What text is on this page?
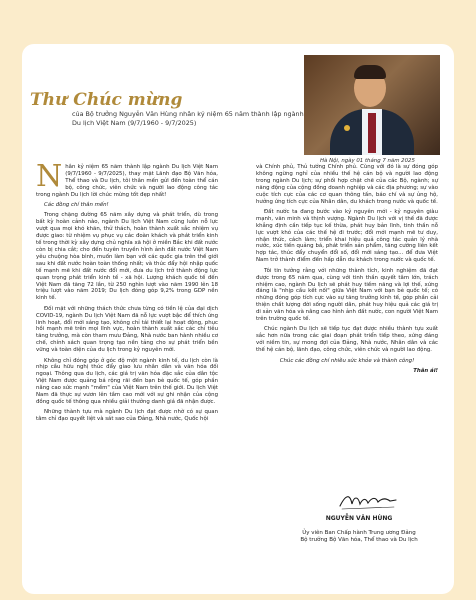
Thư Chúc mừng
của Bộ trưởng Nguyễn Văn Hùng nhân kỷ niệm 65 năm thành lập ngành Du lịch Việt Nam (9/7/1960 - 9/7/2025)
Hà Nội, ngày 01 tháng 7 năm 2025

Nhân kỷ niệm 65 năm thành lập ngành Du lịch Việt Nam (9/7/1960 - 9/7/2025), thay mặt Lãnh đạo Bộ Văn hóa, Thể thao và Du lịch, tôi thân mến gửi đến toàn thể cán bộ, công chức, viên chức và người lao động công tác trong ngành Du lịch lời chúc mừng tốt đẹp nhất!

Các đồng chí thân mến!

Trong chặng đường 65 năm xây dựng và phát triển, dù trong bất kỳ hoàn cảnh nào, ngành Du lịch Việt Nam cũng luôn nỗ lực vượt qua mọi khó khăn, thử thách, hoàn thành xuất sắc nhiệm vụ được giao: từ nhiệm vụ phục vụ các đoàn khách và phát triển kinh tế trong thời kỳ xây dựng chủ nghĩa xã hội ở miền Bắc khi đất nước còn bị chia cắt; cho đến tuyên truyền hình ảnh đất nước Việt Nam yêu chuộng hòa bình, muốn làm bạn với các quốc gia trên thế giới sau khi đất nước hoàn toàn thống nhất; và thúc đẩy hội nhập quốc tế mạnh mẽ khi đất nước đổi mới, đưa du lịch trở thành động lực quan trọng phát triển kinh tế - xã hội. Lượng khách quốc tế đến Việt Nam đã tăng 72 lần, từ 250 nghìn lượt vào năm 1990 lên 18 triệu lượt vào năm 2019; Du lịch đóng góp 9,2% trong GDP nền kinh tế.

Đối mặt với những thách thức chưa từng có tiền lệ của đại dịch COVID-19, ngành Du lịch Việt Nam đã nỗ lực vượt bậc để thích ứng linh hoạt, đổi mới sáng tạo, không chỉ tái thiết lại hoạt động, phục hồi mạnh mẽ trên mọi lĩnh vực, hoàn thành xuất sắc các chỉ tiêu tăng trưởng, mà còn tham mưu Đảng, Nhà nước ban hành nhiều cơ chế, chính sách quan trọng tạo nền tảng cho sự phát triển bền vững và toàn diện của du lịch trong kỷ nguyên mới.

Không chỉ đóng góp ở góc độ một ngành kinh tế, du lịch còn là nhịp cầu hữu nghị thúc đẩy giao lưu nhân dân và văn hóa đối ngoại. Thông qua du lịch, các giá trị văn hóa đặc sắc của dân tộc Việt Nam được quảng bá rộng rãi đến bạn bè quốc tế, góp phần nâng cao sức mạnh "mềm" của Việt Nam trên thế giới. Du lịch Việt Nam đã thực sự vươn lên tầm cao mới với sự ghi nhận của cộng đồng quốc tế thông qua nhiều giải thưởng danh giá đã nhận được.

Những thành tựu mà ngành Du lịch đạt được nhờ có sự quan tâm chỉ đạo quyết liệt và sát sao của Đảng, Nhà nước, Quốc hội

và Chính phủ, Thủ tướng Chính phủ. Cùng với đó là sự đóng góp không ngừng nghỉ của nhiều thế hệ cán bộ và người lao động trong ngành Du lịch; sự phối hợp chặt chẽ của các Bộ, ngành; sự năng động của cộng đồng doanh nghiệp và các địa phương; sự vào cuộc tích cực của các cơ quan thông tấn, báo chí và sự ủng hộ, hưởng ứng tích cực của Nhân dân, du khách trong nước và quốc tế.

Đất nước ta đang bước vào kỷ nguyên mới - kỷ nguyên giàu mạnh, văn minh và thịnh vượng. Ngành Du lịch với vị thế đã được khẳng định cần tiếp tục kế thừa, phát huy bản lĩnh, tinh thần nỗ lực vượt khó của các thế hệ đi trước; đổi mới mạnh mẽ tư duy, nhận thức, cách làm; triển khai hiệu quả công tác quản lý nhà nước, xúc tiến quảng bá, phát triển sản phẩm, tăng cường liên kết hợp tác, thúc đẩy chuyển đổi số, đổi mới sáng tạo... để đưa Việt Nam trở thành điểm đến hấp dẫn du khách trong nước và quốc tế.

Tôi tin tưởng rằng với những thành tích, kinh nghiệm đã đạt được trong 65 năm qua, cùng với tinh thần quyết tâm lớn, trách nhiệm cao, ngành Du lịch sẽ phát huy tiềm năng và lợi thế, xứng đáng là "nhịp cầu kết nối" giữa Việt Nam với bạn bè quốc tế; có những đóng góp tích cực vào sự tăng trưởng kinh tế, góp phần cải thiện chất lượng đời sống người dân, phát huy hiệu quả các giá trị di sản văn hóa và nâng cao hình ảnh đất nước, con người Việt Nam trên trường quốc tế.

Chúc ngành Du lịch sẽ tiếp tục đạt được nhiều thành tựu xuất sắc hơn nữa trong các giai đoạn phát triển tiếp theo, xứng đáng với niềm tin, sự mong đợi của Đảng, Nhà nước, Nhân dân và các thế hệ cán bộ, lãnh đạo, công chức, viên chức và người lao động.

Chúc các đồng chí nhiều sức khỏe và thành công!

Thân ái!

NGUYỄN VĂN HÙNG
Ủy viên Ban Chấp hành Trung ương Đảng
Bộ trưởng Bộ Văn hóa, Thể thao và Du lịch
